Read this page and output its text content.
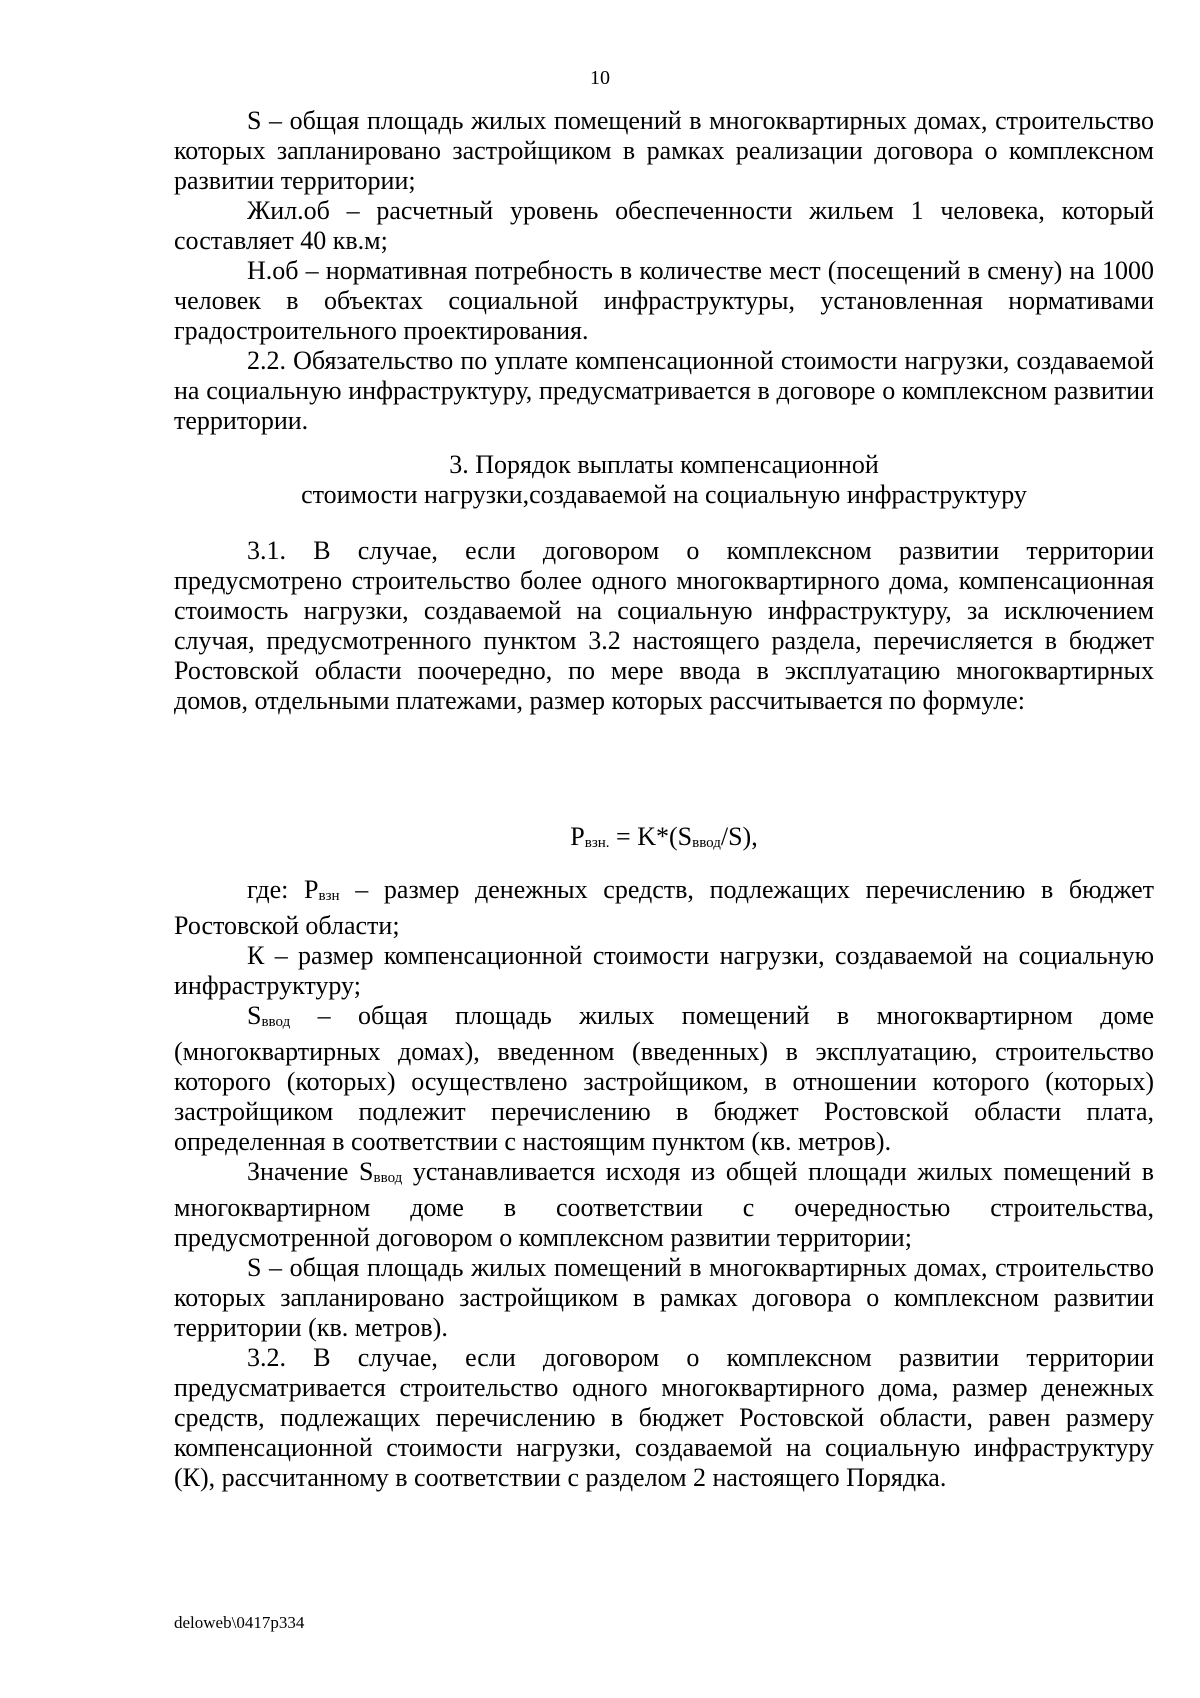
10

S – общая площадь жилых помещений в многоквартирных домах, строительство которых запланировано застройщиком в рамках реализации договора о комплексном развитии территории;

Жил.об – расчетный уровень обеспеченности жильем 1 человека, который составляет 40 кв.м;

Н.об – нормативная потребность в количестве мест (посещений в смену) на 1000 человек в объектах социальной инфраструктуры, установленная нормативами градостроительного проектирования.

2.2. Обязательство по уплате компенсационной стоимости нагрузки, создаваемой на социальную инфраструктуру, предусматривается в договоре о комплексном развитии территории.

3. Порядок выплаты компенсационной
стоимости нагрузки,создаваемой на социальную инфраструктуру

3.1. В случае, если договором о комплексном развитии территории предусмотрено строительство более одного многоквартирного дома, компенсационная стоимость нагрузки, создаваемой на социальную инфраструктуру, за исключением случая, предусмотренного пунктом 3.2 настоящего раздела, перечисляется в бюджет Ростовской области поочередно, по мере ввода в эксплуатацию многоквартирных домов, отдельными платежами, размер которых рассчитывается по формуле:

Pвзн. = K*(Sввод/S),

где: Pвзн – размер денежных средств, подлежащих перечислению в бюджет Ростовской области;

К – размер компенсационной стоимости нагрузки, создаваемой на социальную инфраструктуру;

Sввод – общая площадь жилых помещений в многоквартирном доме (многоквартирных домах), введенном (введенных) в эксплуатацию, строительство которого (которых) осуществлено застройщиком, в отношении которого (которых) застройщиком подлежит перечислению в бюджет Ростовской области плата, определенная в соответствии с настоящим пунктом (кв. метров).

Значение Sввод устанавливается исходя из общей площади жилых помещений в многоквартирном доме в соответствии с очередностью строительства, предусмотренной договором о комплексном развитии территории;

S – общая площадь жилых помещений в многоквартирных домах, строительство которых запланировано застройщиком в рамках договора о комплексном развитии территории (кв. метров).

3.2. В случае, если договором о комплексном развитии территории предусматривается строительство одного многоквартирного дома, размер денежных средств, подлежащих перечислению в бюджет Ростовской области, равен размеру компенсационной стоимости нагрузки, создаваемой на социальную инфраструктуру (К), рассчитанному в соответствии с разделом 2 настоящего Порядка.

deloweb\0417p334
